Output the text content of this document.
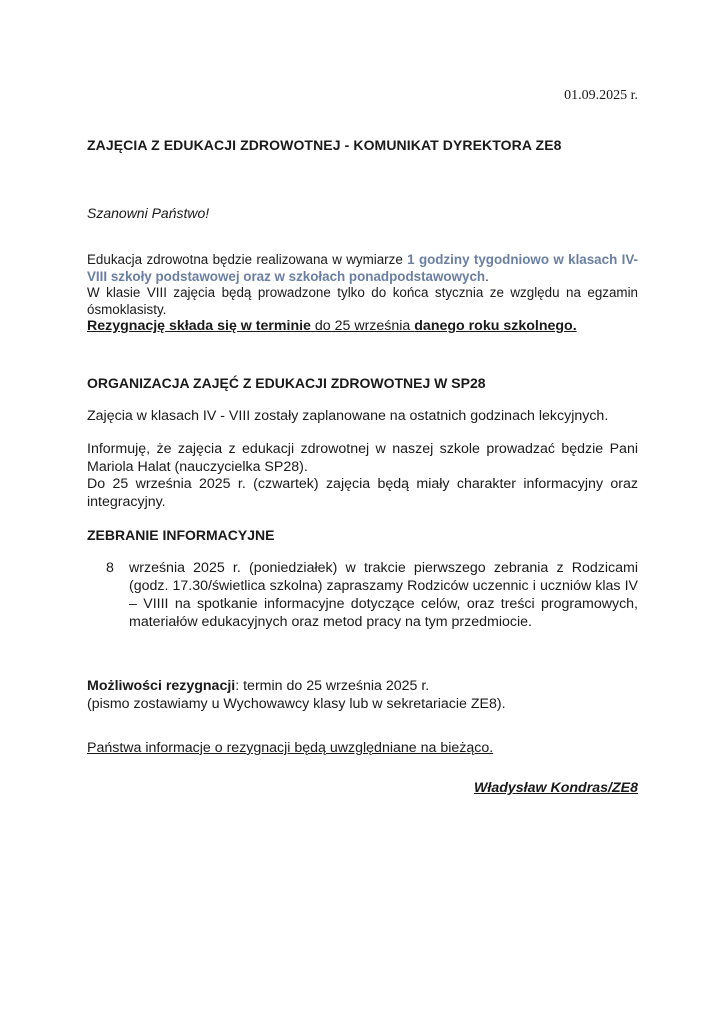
01.09.2025 r.
ZAJĘCIA Z EDUKACJI ZDROWOTNEJ - KOMUNIKAT DYREKTORA ZE8
Szanowni Państwo!

Edukacja zdrowotna będzie realizowana w wymiarze 1 godziny tygodniowo w klasach IV-VIII szkoły podstawowej oraz w szkołach ponadpodstawowych.

W klasie VIII zajęcia będą prowadzone tylko do końca stycznia ze względu na egzamin ósmoklasisty.

Rezygnację składa się w terminie do 25 września danego roku szkolnego.

ORGANIZACJA ZAJĘĆ Z EDUKACJI ZDROWOTNEJ W SP28

Zajęcia w klasach IV - VIII zostały zaplanowane na ostatnich godzinach lekcyjnych.

Informuję, że zajęcia z edukacji zdrowotnej w naszej szkole prowadzać będzie Pani Mariola Halat (nauczycielka SP28).

Do 25 września 2025 r. (czwartek) zajęcia będą miały charakter informacyjny oraz integracyjny.

ZEBRANIE INFORMACYJNE
8 września 2025 r. (poniedziałek) w trakcie pierwszego zebrania z Rodzicami (godz. 17.30/świetlica szkolna) zapraszamy Rodziców uczennic i uczniów klas IV – VIIII na spotkanie informacyjne dotyczące celów, oraz treści programowych, materiałów edukacyjnych oraz metod pracy na tym przedmiocie.

Możliwości rezygnacji: termin do 25 września 2025 r.

(pismo zostawiamy u Wychowawcy klasy lub w sekretariacie ZE8).

Państwa informacje o rezygnacji będą uwzględniane na bieżąco.

Władysław Kondras/ZE8
